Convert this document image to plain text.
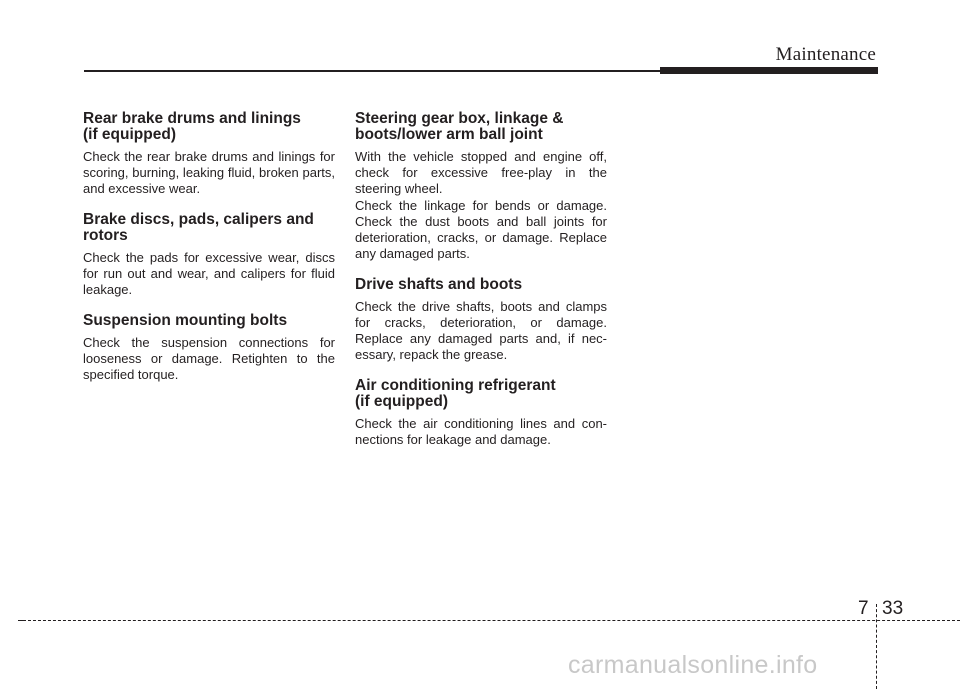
Maintenance
Rear brake drums and linings
(if equipped)

Check the rear brake drums and linings for scoring, burning, leaking fluid, broken parts, and excessive wear.

Brake discs, pads, calipers and
rotors

Check the pads for excessive wear, discs for run out and wear, and calipers for fluid leakage.

Suspension mounting bolts

Check the suspension connections for looseness or damage. Retighten to the specified torque.

Steering gear box, linkage &
boots/lower arm ball joint

With the vehicle stopped and engine off, check for excessive free-play in the steering wheel.

Check the linkage for bends or damage. Check the dust boots and ball joints for deterioration, cracks, or damage. Replace any damaged parts.

Drive shafts and boots

Check the drive shafts, boots and clamps for cracks, deterioration, or damage. Replace any damaged parts and, if nec-essary, repack the grease.

Air conditioning refrigerant
(if equipped)

Check the air conditioning lines and con-nections for leakage and damage.

7 33
carmanualsonline.info
